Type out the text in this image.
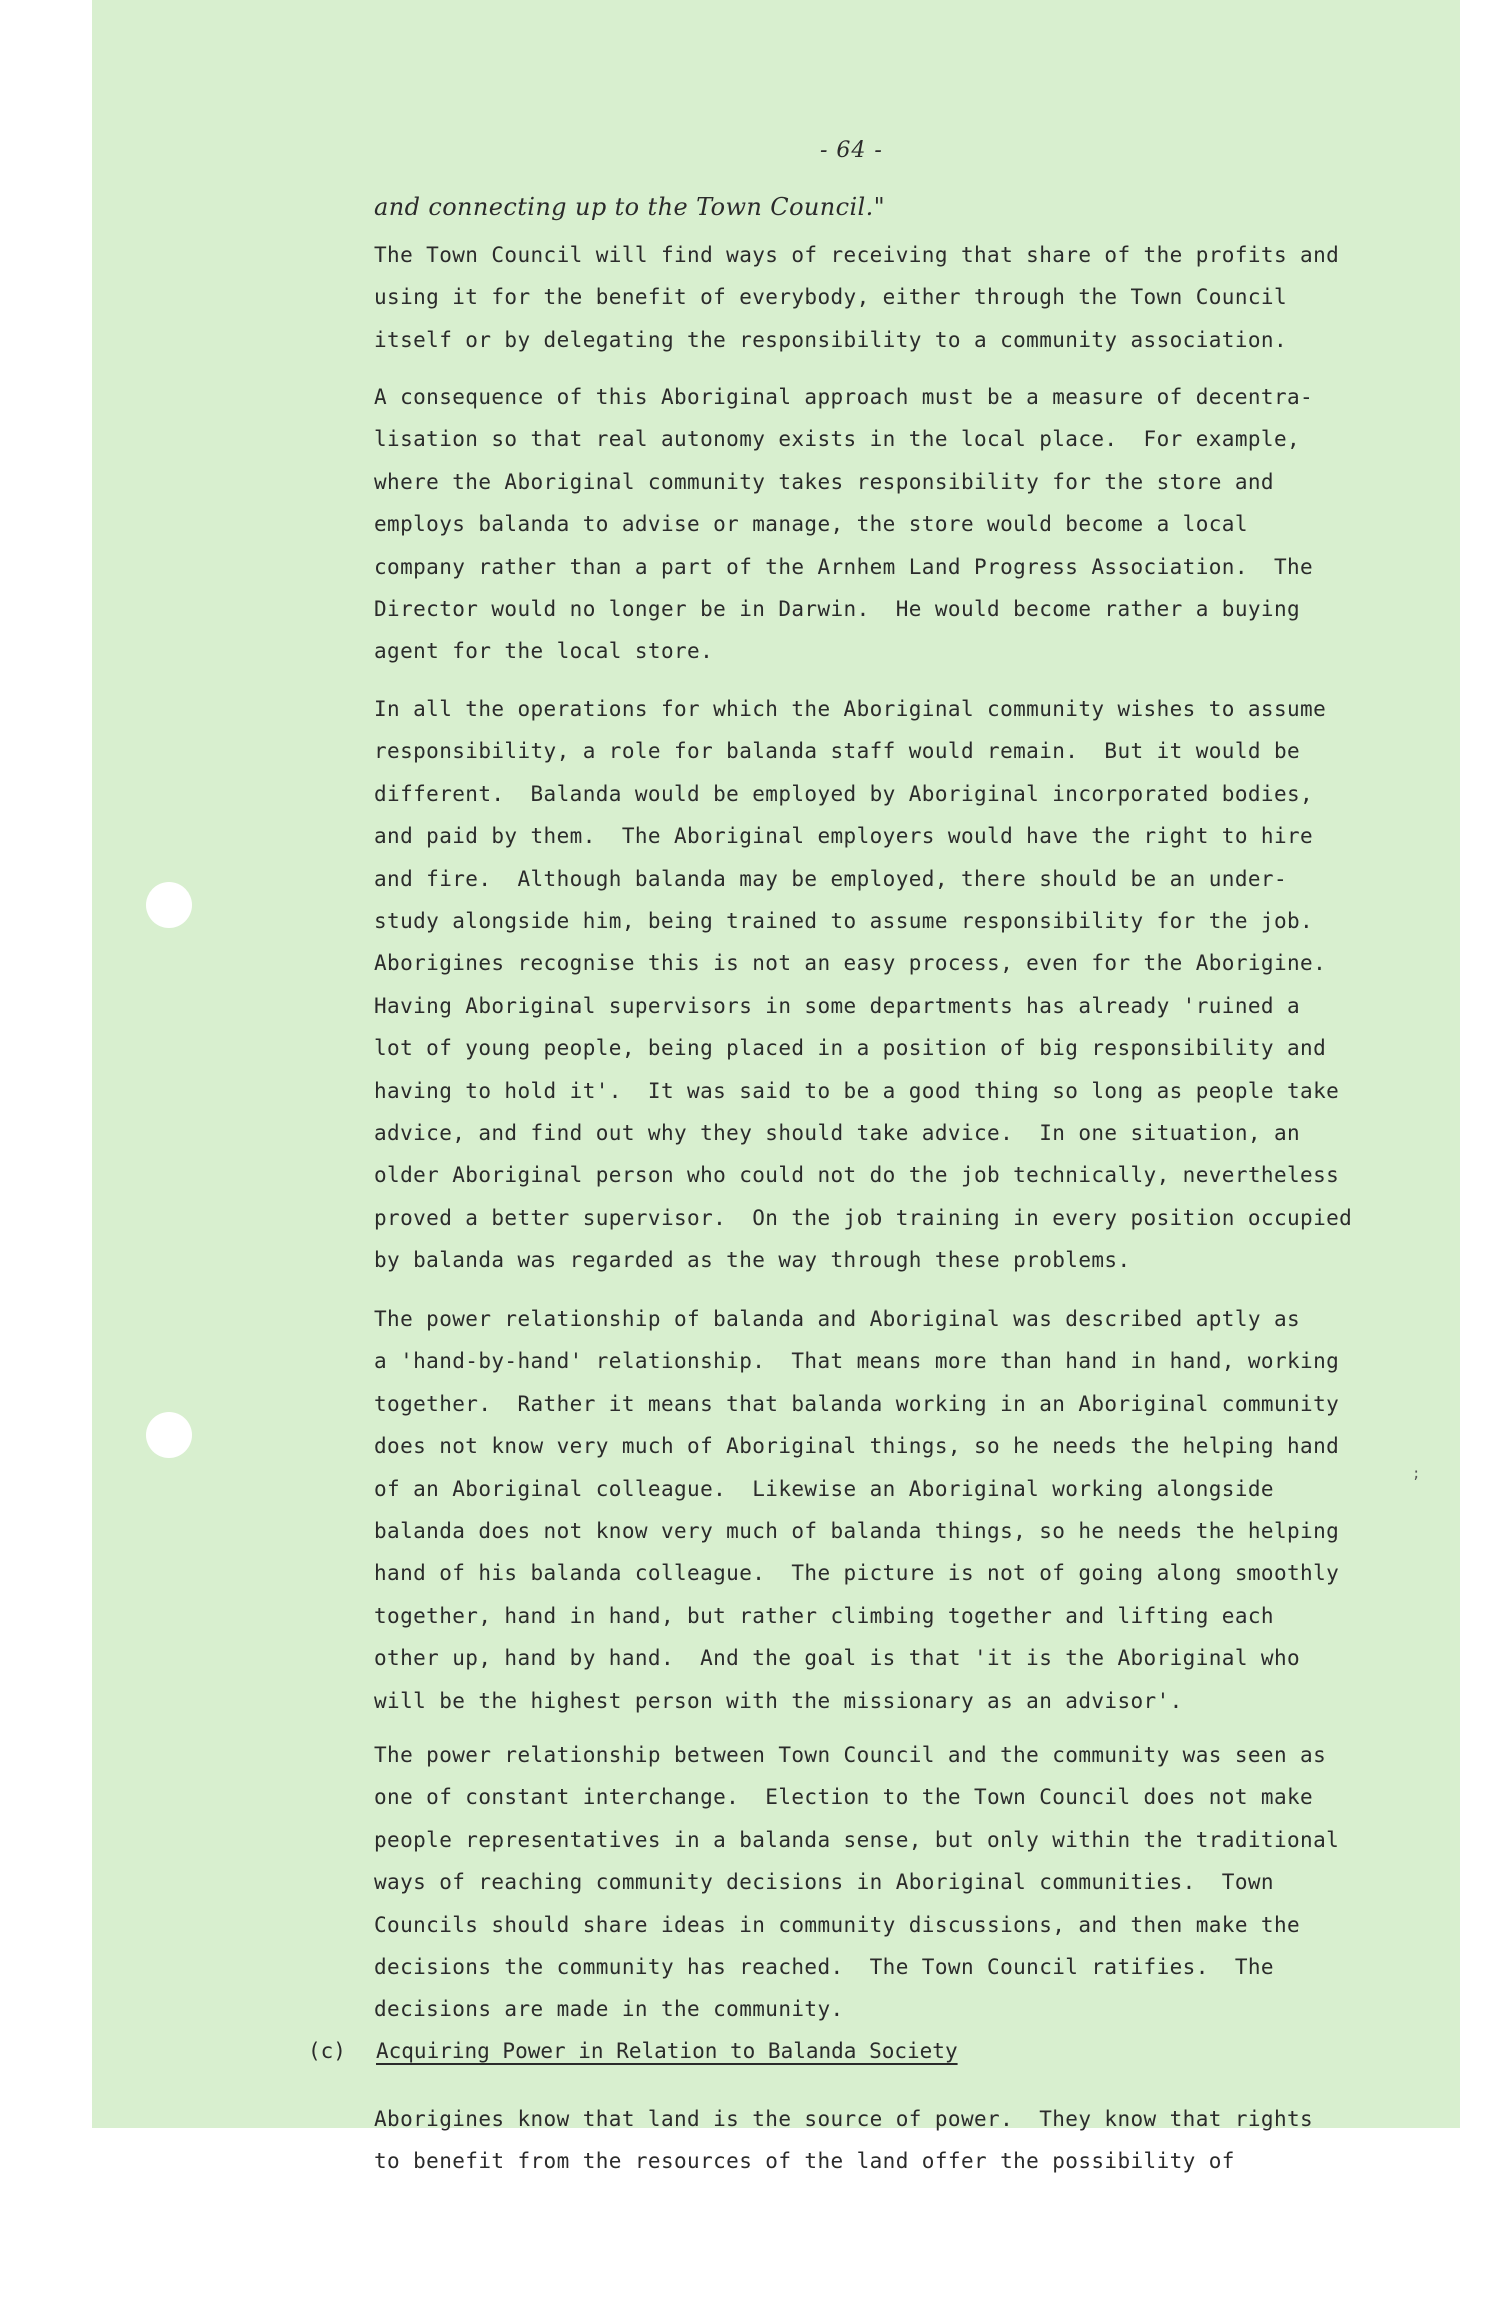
- 64 -
and connecting up to the Town Council."
The Town Council will find ways of receiving that share of the profits and
using it for the benefit of everybody, either through the Town Council
itself or by delegating the responsibility to a community association.
A consequence of this Aboriginal approach must be a measure of decentra-
lisation so that real autonomy exists in the local place.  For example,
where the Aboriginal community takes responsibility for the store and
employs balanda to advise or manage, the store would become a local
company rather than a part of the Arnhem Land Progress Association.  The
Director would no longer be in Darwin.  He would become rather a buying
agent for the local store.
In all the operations for which the Aboriginal community wishes to assume
responsibility, a role for balanda staff would remain.  But it would be
different.  Balanda would be employed by Aboriginal incorporated bodies,
and paid by them.  The Aboriginal employers would have the right to hire
and fire.  Although balanda may be employed, there should be an under-
study alongside him, being trained to assume responsibility for the job.
Aborigines recognise this is not an easy process, even for the Aborigine.
Having Aboriginal supervisors in some departments has already 'ruined a
lot of young people, being placed in a position of big responsibility and
having to hold it'.  It was said to be a good thing so long as people take
advice, and find out why they should take advice.  In one situation, an
older Aboriginal person who could not do the job technically, nevertheless
proved a better supervisor.  On the job training in every position occupied
by balanda was regarded as the way through these problems.
The power relationship of balanda and Aboriginal was described aptly as
a 'hand-by-hand' relationship.  That means more than hand in hand, working
together.  Rather it means that balanda working in an Aboriginal community
does not know very much of Aboriginal things, so he needs the helping hand
of an Aboriginal colleague.  Likewise an Aboriginal working alongside
balanda does not know very much of balanda things, so he needs the helping
hand of his balanda colleague.  The picture is not of going along smoothly
together, hand in hand, but rather climbing together and lifting each
other up, hand by hand.  And the goal is that 'it is the Aboriginal who
will be the highest person with the missionary as an advisor'.
;
The power relationship between Town Council and the community was seen as
one of constant interchange.  Election to the Town Council does not make
people representatives in a balanda sense, but only within the traditional
ways of reaching community decisions in Aboriginal communities.  Town
Councils should share ideas in community discussions, and then make the
decisions the community has reached.  The Town Council ratifies.  The
decisions are made in the community.
(c) Acquiring Power in Relation to Balanda Society
Aborigines know that land is the source of power.  They know that rights
to benefit from the resources of the land offer the possibility of
